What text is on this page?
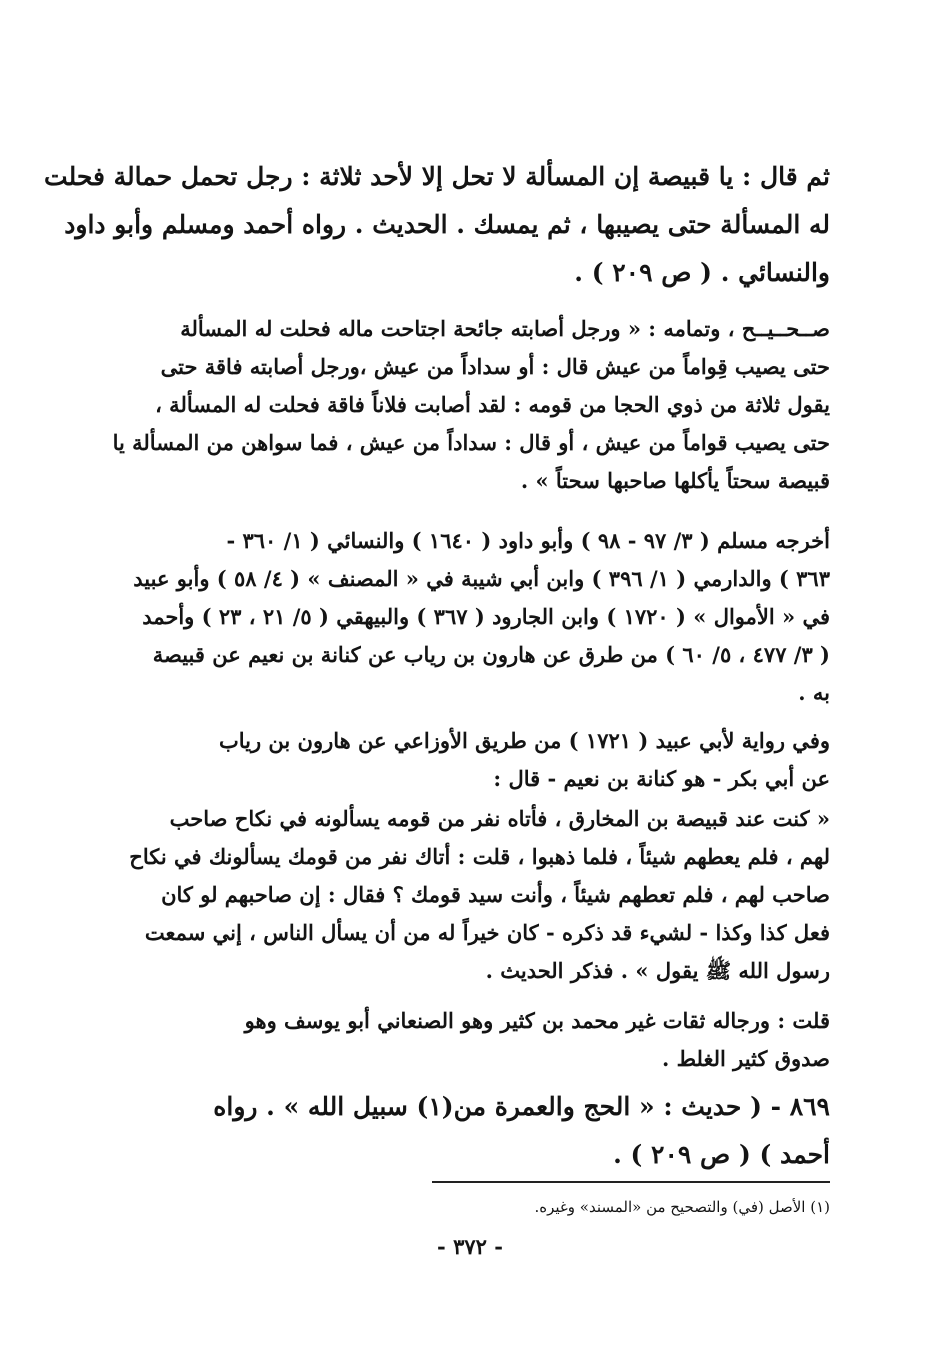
ثم قال : يا قبيصة إن المسألة لا تحل إلا لأحد ثلاثة : رجل تحمل حمالة فحلت
له المسألة حتى يصيبها ، ثم يمسك . الحديث . رواه أحمد ومسلم وأبو داود
والنسائي . ( ص ٢٠٩ ) .

صــحــيــح ، وتمامه : « ورجل أصابته جائحة اجتاحت ماله فحلت له المسألة
حتى يصيب قِواماً من عيش قال : أو سداداً من عيش ،ورجل أصابته فاقة حتى
يقول ثلاثة من ذوي الحجا من قومه : لقد أصابت فلاناً فاقة فحلت له المسألة ،
حتى يصيب قواماً من عيش ، أو قال : سداداً من عيش ، فما سواهن من المسألة يا
قبيصة سحتاً يأكلها صاحبها سحتاً » .

أخرجه مسلم ( ٣/ ٩٧ - ٩٨ ) وأبو داود ( ١٦٤٠ ) والنسائي ( ١/ ٣٦٠ -
٣٦٣ ) والدارمي ( ١/ ٣٩٦ ) وابن أبي شيبة في « المصنف » ( ٤/ ٥٨ ) وأبو عبيد
في « الأموال » ( ١٧٢٠ ) وابن الجارود ( ٣٦٧ ) والبيهقي ( ٥/ ٢١ ، ٢٣ ) وأحمد
( ٣/ ٤٧٧ ، ٥/ ٦٠ ) من طرق عن هارون بن رياب عن كنانة بن نعيم عن قبيصة
به .

وفي رواية لأبي عبيد ( ١٧٢١ ) من طريق الأوزاعي عن هارون بن رياب
عن أبي بكر - هو كنانة بن نعيم - قال :

« كنت عند قبيصة بن المخارق ، فأتاه نفر من قومه يسألونه في نكاح صاحب
لهم ، فلم يعطهم شيئاً ، فلما ذهبوا ، قلت : أتاك نفر من قومك يسألونك في نكاح
صاحب لهم ، فلم تعطهم شيئاً ، وأنت سيد قومك ؟ فقال : إن صاحبهم لو كان
فعل كذا وكذا - لشيء قد ذكره - كان خيراً له من أن يسأل الناس ، إني سمعت
رسول الله ﷺ يقول » . فذكر الحديث .

قلت : ورجاله ثقات غير محمد بن كثير وهو الصنعاني أبو يوسف وهو
صدوق كثير الغلط .

٨٦٩ - ( حديث : « الحج والعمرة من(١) سبيل الله » . رواه
أحمد ) ( ص ٢٠٩ ) .

(١) الأصل (في) والتصحيح من «المسند» وغيره.

- ٣٧٢ -
